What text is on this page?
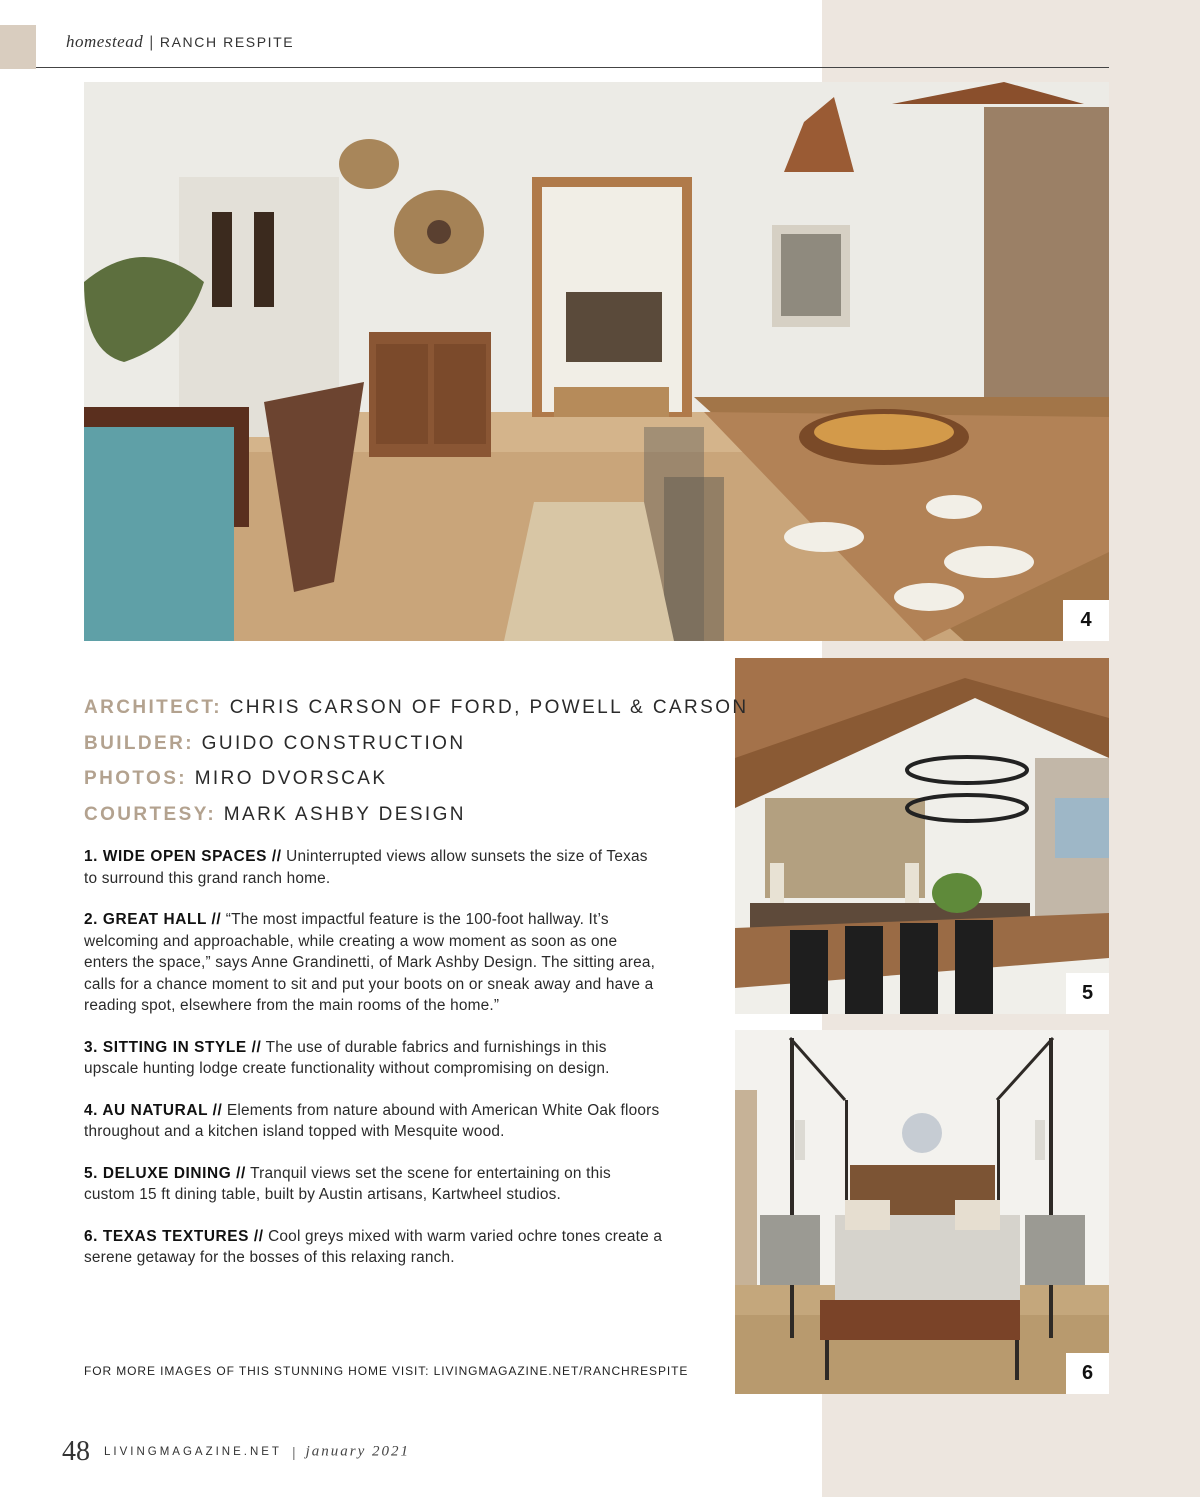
homestead | RANCH RESPITE
4
5
6
ARCHITECT: CHRIS CARSON OF FORD, POWELL & CARSON
BUILDER: GUIDO CONSTRUCTION
PHOTOS: MIRO DVORSCAK
COURTESY: MARK ASHBY DESIGN

1. WIDE OPEN SPACES // Uninterrupted views allow sunsets the size of Texas to surround this grand ranch home.

2. GREAT HALL // “The most impactful feature is the 100-foot hallway. It’s welcoming and approachable, while creating a wow moment as soon as one enters the space,” says Anne Grandinetti, of Mark Ashby Design. The sitting area, calls for a chance moment to sit and put your boots on or sneak away and have a reading spot, elsewhere from the main rooms of the home.”

3. SITTING IN STYLE // The use of durable fabrics and furnishings in this upscale hunting lodge create functionality without compromising on design.

4. AU NATURAL // Elements from nature abound with American White Oak floors throughout and a kitchen island topped with Mesquite wood.

5. DELUXE DINING // Tranquil views set the scene for entertaining on this custom 15 ft dining table, built by Austin artisans, Kartwheel studios.

6. TEXAS TEXTURES // Cool greys mixed with warm varied ochre tones create a serene getaway for the bosses of this relaxing ranch.

FOR MORE IMAGES OF THIS STUNNING HOME VISIT: LIVINGMAGAZINE.NET/RANCHRESPITE
48 LIVINGMAGAZINE.NET | january 2021
